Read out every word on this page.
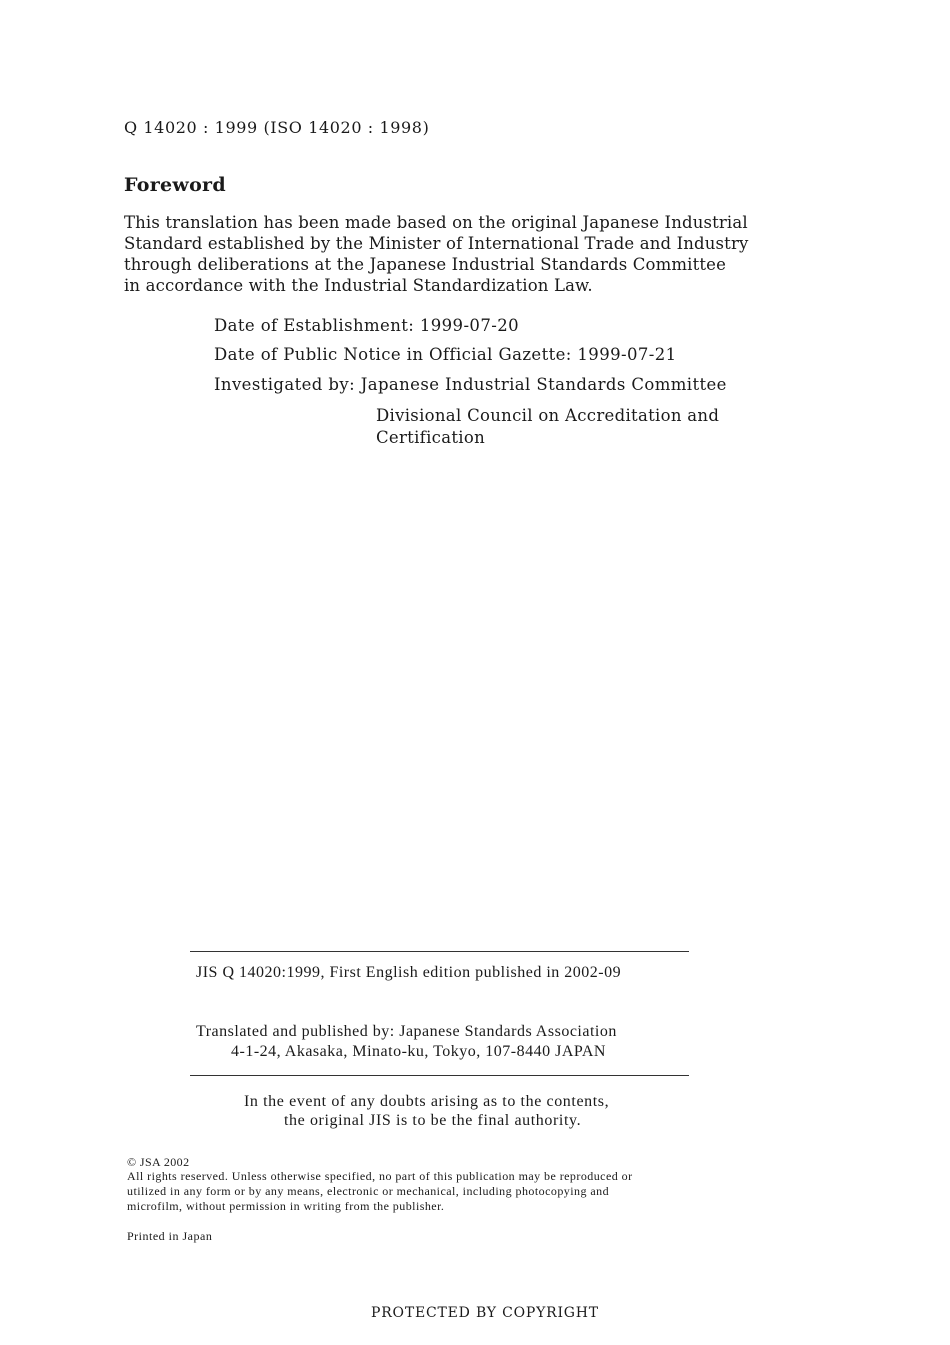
Q 14020 : 1999 (ISO 14020 : 1998)
Foreword
This translation has been made based on the original Japanese Industrial
Standard established by the Minister of International Trade and Industry
through deliberations at the Japanese Industrial Standards Committee
in accordance with the Industrial Standardization Law.
Date of Establishment: 1999-07-20
Date of Public Notice in Official Gazette: 1999-07-21
Investigated by: Japanese Industrial Standards Committee
Divisional Council on Accreditation and
Certification
JIS Q 14020:1999, First English edition published in 2002-09
Translated and published by: Japanese Standards Association
4-1-24, Akasaka, Minato-ku, Tokyo, 107-8440 JAPAN
In the event of any doubts arising as to the contents,
the original JIS is to be the final authority.
© JSA 2002
All rights reserved. Unless otherwise specified, no part of this publication may be reproduced or
utilized in any form or by any means, electronic or mechanical, including photocopying and
microfilm, without permission in writing from the publisher.
Printed in Japan
PROTECTED BY COPYRIGHT
